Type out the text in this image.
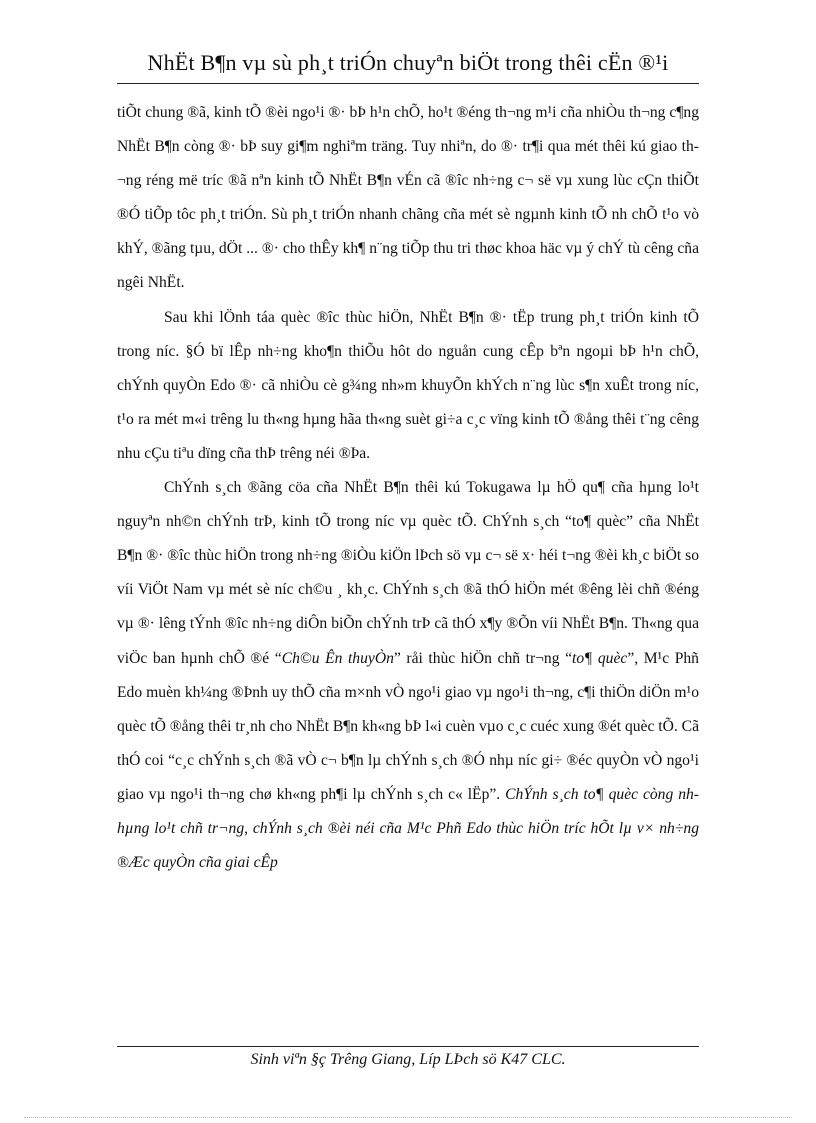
NhËt B¶n vµ sù ph¸t triÓn chuyªn biÖt trong thêi cËn ®¹i

tiÕt chung ®ã, kinh tÕ ®èi ngo¹i ®· bÞ h¹n chÕ, ho¹t ®éng th¬ng m¹i cña nhiÒu th¬ng c¶ng NhËt B¶n còng ®· bÞ suy gi¶m nghiªm träng. Tuy nhiªn, do ®· tr¶i qua mét thêi kú giao th¬ng réng më tríc ®ã nªn kinh tÕ NhËt B¶n vÉn cã ®îc nh÷ng c¬ së vµ xung lùc cÇn thiÕt ®Ó tiÕp tôc ph¸t triÓn. Sù ph¸t triÓn nhanh chãng cña mét sè ngµnh kinh tÕ nh chÕ t¹o vò khÝ, ®ãng tµu, dÖt ... ®· cho thÊy kh¶ n¨ng tiÕp thu tri thøc khoa häc vµ ý chÝ tù cêng cña ngêi NhËt.

Sau khi lÖnh táa quèc ®îc thùc hiÖn, NhËt B¶n ®· tËp trung ph¸t triÓn kinh tÕ trong níc. §Ó bï lÊp nh÷ng kho¶n thiÕu hôt do nguån cung cÊp bªn ngoµi bÞ h¹n chÕ, chÝnh quyÒn Edo ®· cã nhiÒu cè g¾ng nh»m khuyÕn khÝch n¨ng lùc s¶n xuÊt trong níc, t¹o ra mét m«i trêng lu th«ng hµng hãa th«ng suèt gi÷a c¸c vïng kinh tÕ ®ång thêi t¨ng cêng nhu cÇu tiªu dïng cña thÞ trêng néi ®Þa.

ChÝnh s¸ch ®ãng cöa cña NhËt B¶n thêi kú Tokugawa lµ hÖ qu¶ cña hµng lo¹t nguyªn nh©n chÝnh trÞ, kinh tÕ trong níc vµ quèc tÕ. ChÝnh s¸ch “to¶ quèc” cña NhËt B¶n ®· ®îc thùc hiÖn trong nh÷ng ®iÒu kiÖn lÞch sö vµ c¬ së x· héi t¬ng ®èi kh¸c biÖt so víi ViÖt Nam vµ mét sè níc ch©u ¸ kh¸c. ChÝnh s¸ch ®ã thÓ hiÖn mét ®êng lèi chñ ®éng vµ ®· lêng tÝnh ®îc nh÷ng diÔn biÕn chÝnh trÞ cã thÓ x¶y ®Õn víi NhËt B¶n. Th«ng qua viÖc ban hµnh chÕ ®é “Ch©u Ên thuyÒn” råi thùc hiÖn chñ tr¬ng “to¶ quèc”, M¹c Phñ Edo muèn kh¼ng ®Þnh uy thÕ cña m×nh vÒ ngo¹i giao vµ ngo¹i th¬ng, c¶i thiÖn diÖn m¹o quèc tÕ ®ång thêi tr¸nh cho NhËt B¶n kh«ng bÞ l«i cuèn vµo c¸c cuéc xung ®ét quèc tÕ. Cã thÓ coi “c¸c chÝnh s¸ch ®ã vÒ c¬ b¶n lµ chÝnh s¸ch ®Ó nhµ níc gi÷ ®éc quyÒn vÒ ngo¹i giao vµ ngo¹i th¬ng chø kh«ng ph¶i lµ chÝnh s¸ch c« lËp”. ChÝnh s¸ch to¶ quèc còng nh hµng lo¹t chñ tr¬ng, chÝnh s¸ch ®èi néi cña M¹c Phñ Edo thùc hiÖn tríc hÕt lµ v× nh÷ng ®Æc quyÒn cña giai cÊp

Sinh viªn §ç Trêng Giang, Líp LÞch sö K47 CLC.
